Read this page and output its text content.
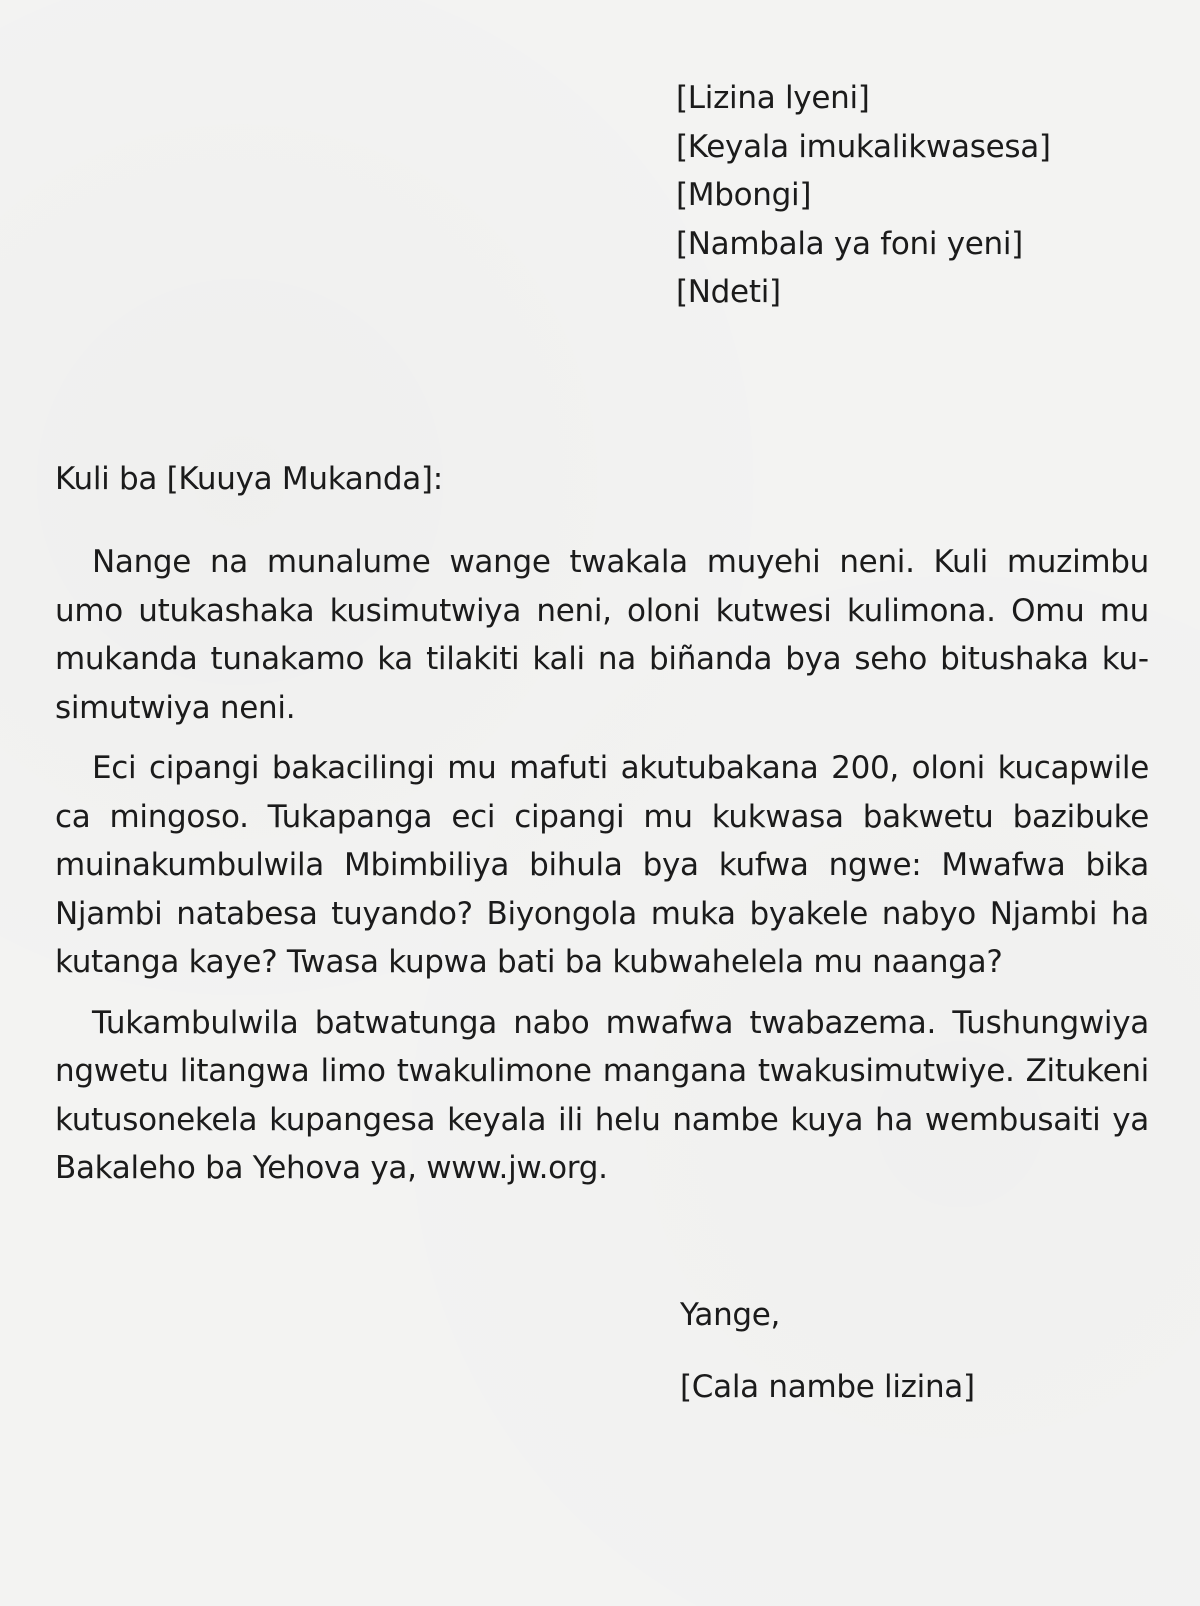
[Lizina lyeni]
[Keyala imukalikwasesa]
[Mbongi]
[Nambala ya foni yeni]
[Ndeti]
Kuli ba [Kuuya Mukanda]:

Nange na munalume wange twakala muyehi neni. Kuli muzimbu umo utukashaka kusimutwiya neni, oloni kutwesi kulimona. Omu mu mukanda tunakamo ka tilakiti kali na biñanda bya seho bitushaka kusimutwiya neni.

Eci cipangi bakacilingi mu mafuti akutubakana 200, oloni kucapwile ca mingoso. Tukapanga eci cipangi mu kukwasa bakwetu bazibuke muinakumbulwila Mbimbiliya bihula bya kufwa ngwe: Mwafwa bika Njambi natabesa tuyando? Biyongola muka byakele nabyo Njambi ha kutanga kaye? Twasa kupwa bati ba kubwahelela mu naanga?

Tukambulwila batwatunga nabo mwafwa twabazema. Tushungwiya ngwetu litangwa limo twakulimone mangana twakusimutwiye. Zitukeni kutusonekela kupangesa keyala ili helu nambe kuya ha wembusaiti ya Bakaleho ba Yehova ya, www.jw.org.

Yange,
[Cala nambe lizina]
